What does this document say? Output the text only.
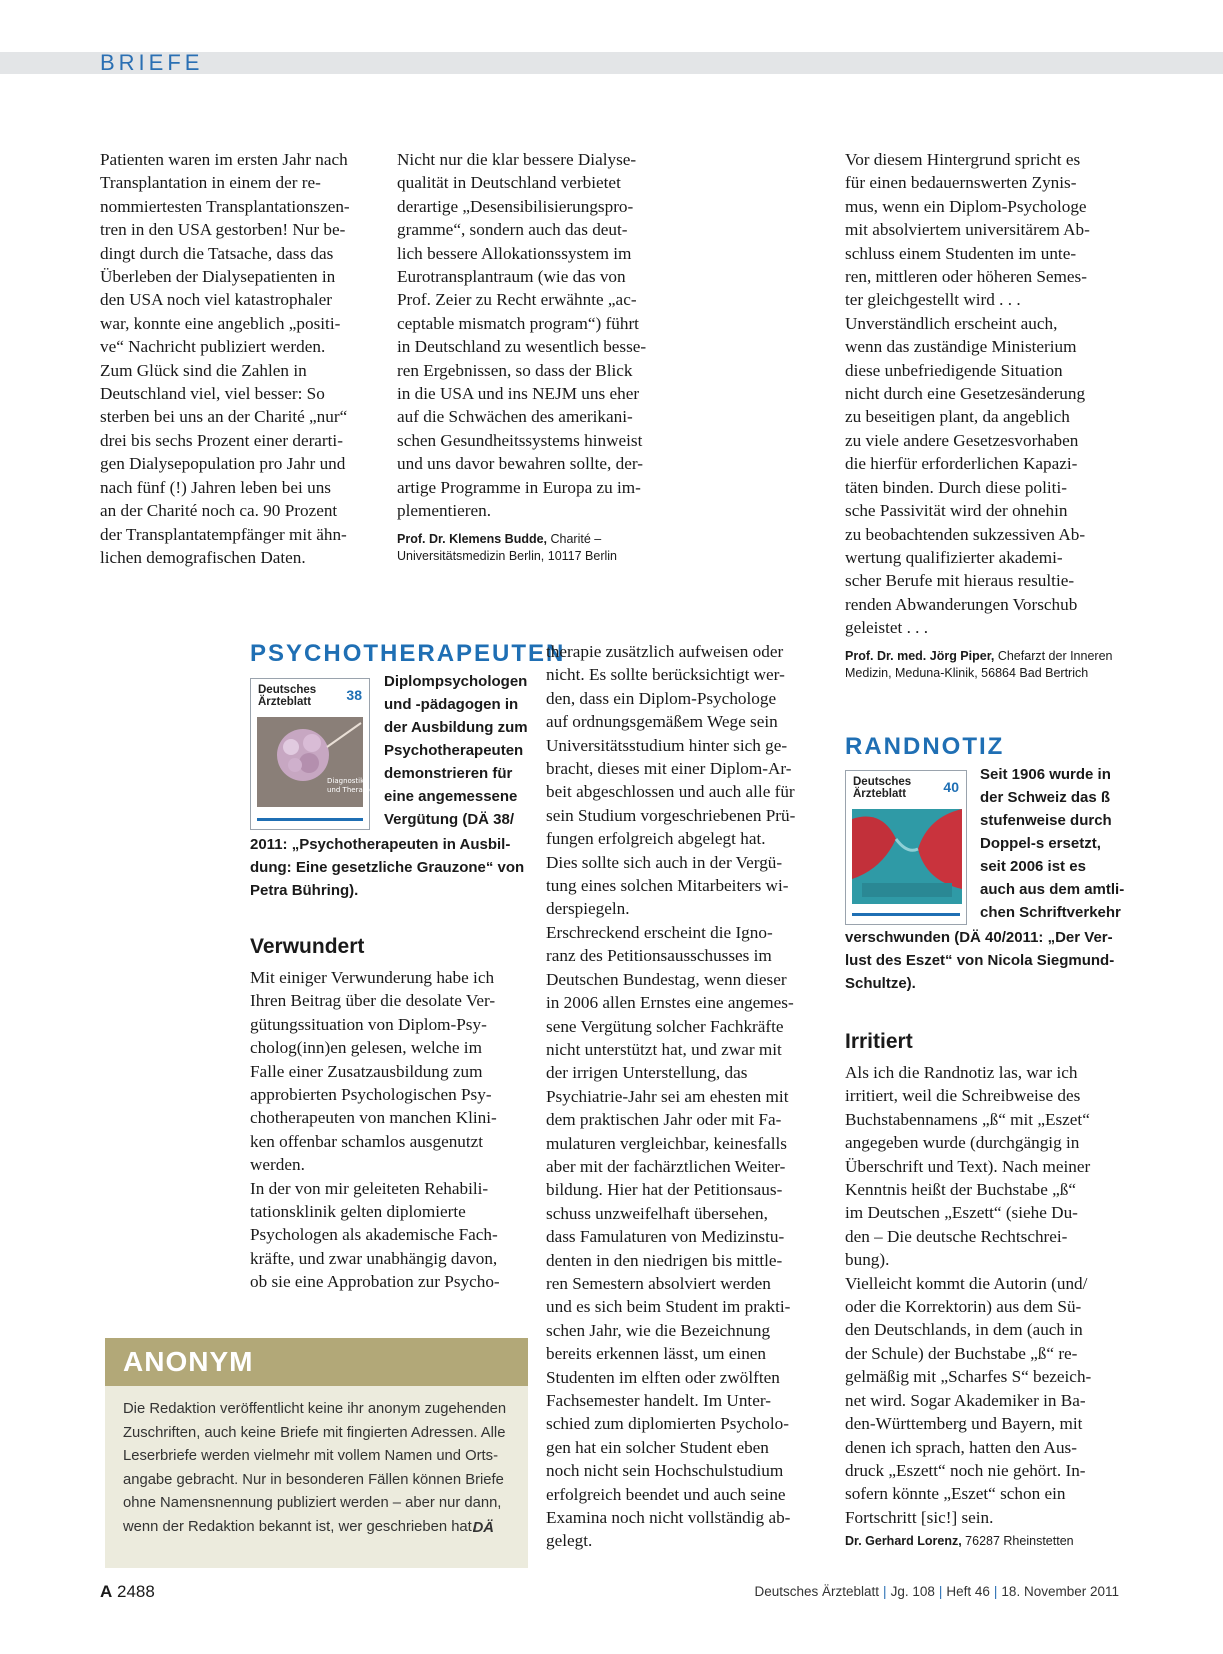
BRIEFE

Patienten waren im ersten Jahr nach
Transplantation in einem der re-
nommiertesten Transplantationszen-
tren in den USA gestorben! Nur be-
dingt durch die Tatsache, dass das
Überleben der Dialysepatienten in
den USA noch viel katastrophaler
war, konnte eine angeblich „positi-
ve“ Nachricht publiziert werden.
Zum Glück sind die Zahlen in
Deutschland viel, viel besser: So
sterben bei uns an der Charité „nur“
drei bis sechs Prozent einer derarti-
gen Dialysepopulation pro Jahr und
nach fünf (!) Jahren leben bei uns
an der Charité noch ca. 90 Prozent
der Transplantatempfänger mit ähn-
lichen demografischen Daten.

Nicht nur die klar bessere Dialyse-
qualität in Deutschland verbietet
derartige „Desensibilisierungspro-
gramme“, sondern auch das deut-
lich bessere Allokationssystem im
Eurotransplantraum (wie das von
Prof. Zeier zu Recht erwähnte „ac-
ceptable mismatch program“) führt
in Deutschland zu wesentlich besse-
ren Ergebnissen, so dass der Blick
in die USA und ins NEJM uns eher
auf die Schwächen des amerikani-
schen Gesundheitssystems hinweist
und uns davor bewahren sollte, der-
artige Programme in Europa zu im-
plementieren.

Prof. Dr. Klemens Budde, Charité –
Universitätsmedizin Berlin, 10117 Berlin

Vor diesem Hintergrund spricht es
für einen bedauernswerten Zynis-
mus, wenn ein Diplom-Psychologe
mit absolviertem universitärem Ab-
schluss einem Studenten im unte-
ren, mittleren oder höheren Semes-
ter gleichgestellt wird . . .
Unverständlich erscheint auch,
wenn das zuständige Ministerium
diese unbefriedigende Situation
nicht durch eine Gesetzesänderung
zu beseitigen plant, da angeblich
zu viele andere Gesetzesvorhaben
die hierfür erforderlichen Kapazi-
täten binden. Durch diese politi-
sche Passivität wird der ohnehin
zu beobachtenden sukzessiven Ab-
wertung qualifizierter akademi-
scher Berufe mit hieraus resultie-
renden Abwanderungen Vorschub
geleistet . . .

Prof. Dr. med. Jörg Piper, Chefarzt der Inneren
Medizin, Meduna-Klinik, 56864 Bad Bertrich
PSYCHOTHERAPEUTEN
Deutsches
Ärzteblatt	38
Diagnostik
und Therapie
Diplompsychologen
und -pädagogen in
der Ausbildung zum
Psychotherapeuten
demonstrieren für
eine angemessene
Vergütung (DÄ 38/
2011: „Psychotherapeuten in Ausbil-
dung: Eine gesetzliche Grauzone“ von
Petra Bühring).
Verwundert

Mit einiger Verwunderung habe ich
Ihren Beitrag über die desolate Ver-
gütungssituation von Diplom-Psy-
cholog(inn)en gelesen, welche im
Falle einer Zusatzausbildung zum
approbierten Psychologischen Psy-
chotherapeuten von manchen Klini-
ken offenbar schamlos ausgenutzt
werden.
In der von mir geleiteten Rehabili-
tationsklinik gelten diplomierte
Psychologen als akademische Fach-
kräfte, und zwar unabhängig davon,
ob sie eine Approbation zur Psycho-

therapie zusätzlich aufweisen oder
nicht. Es sollte berücksichtigt wer-
den, dass ein Diplom-Psychologe
auf ordnungsgemäßem Wege sein
Universitätsstudium hinter sich ge-
bracht, dieses mit einer Diplom-Ar-
beit abgeschlossen und auch alle für
sein Studium vorgeschriebenen Prü-
fungen erfolgreich abgelegt hat.
Dies sollte sich auch in der Vergü-
tung eines solchen Mitarbeiters wi-
derspiegeln.
Erschreckend erscheint die Igno-
ranz des Petitionsausschusses im
Deutschen Bundestag, wenn dieser
in 2006 allen Ernstes eine angemes-
sene Vergütung solcher Fachkräfte
nicht unterstützt hat, und zwar mit
der irrigen Unterstellung, das
Psychiatrie-Jahr sei am ehesten mit
dem praktischen Jahr oder mit Fa-
mulaturen vergleichbar, keinesfalls
aber mit der fachärztlichen Weiter-
bildung. Hier hat der Petitionsaus-
schuss unzweifelhaft übersehen,
dass Famulaturen von Medizinstu-
denten in den niedrigen bis mittle-
ren Semestern absolviert werden
und es sich beim Student im prakti-
schen Jahr, wie die Bezeichnung
bereits erkennen lässt, um einen
Studenten im elften oder zwölften
Fachsemester handelt. Im Unter-
schied zum diplomierten Psycholo-
gen hat ein solcher Student eben
noch nicht sein Hochschulstudium
erfolgreich beendet und auch seine
Examina noch nicht vollständig ab-
gelegt.

RANDNOTIZ
Deutsches
Ärzteblatt	40
Seit 1906 wurde in
der Schweiz das ß
stufenweise durch
Doppel-s ersetzt,
seit 2006 ist es
auch aus dem amtli-
chen Schriftverkehr
verschwunden (DÄ 40/2011: „Der Ver-
lust des Eszet“ von Nicola Siegmund-
Schultze).
Irritiert

Als ich die Randnotiz las, war ich
irritiert, weil die Schreibweise des
Buchstabennamens „ß“ mit „Eszet“
angegeben wurde (durchgängig in
Überschrift und Text). Nach meiner
Kenntnis heißt der Buchstabe „ß“
im Deutschen „Eszett“ (siehe Du-
den – Die deutsche Rechtschrei-
bung).
Vielleicht kommt die Autorin (und/
oder die Korrektorin) aus dem Sü-
den Deutschlands, in dem (auch in
der Schule) der Buchstabe „ß“ re-
gelmäßig mit „Scharfes S“ bezeich-
net wird. Sogar Akademiker in Ba-
den-Württemberg und Bayern, mit
denen ich sprach, hatten den Aus-
druck „Eszett“ noch nie gehört. In-
sofern könnte „Eszet“ schon ein
Fortschritt [sic!] sein.

Dr. Gerhard Lorenz, 76287 Rheinstetten
ANONYM
Die Redaktion veröffentlicht keine ihr anonym zugehenden
Zuschriften, auch keine Briefe mit fingierten Adressen. Alle
Leserbriefe werden vielmehr mit vollem Namen und Orts-
angabe gebracht. Nur in besonderen Fällen können Briefe
ohne Namensnennung publiziert werden – aber nur dann,
wenn der Redaktion bekannt ist, wer geschrieben hat.
DÄ
A 2488	Deutsches Ärzteblatt | Jg. 108 | Heft 46 | 18. November 2011
